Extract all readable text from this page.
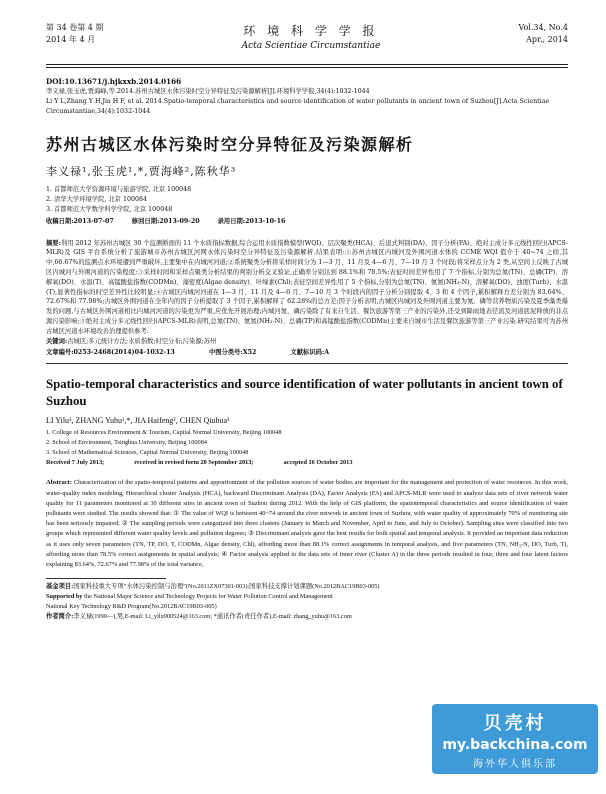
第 34 卷第 4 期
2014 年 4 月
环 境 科 学 学 报
Acta Scientiae Circumstantiae
Vol.34, No.4
Apr., 2014
DOI:10.13671/j.hjkxxb.2014.0166
李义禄,张玉虎,贾海峰,等.2014.苏州古城区水体污染时空分异特征及污染源解析[J].环境科学学报,34(4):1032-1044
Li Y L,Zhang Y H,Jia H F, et al. 2014.Spatio-temporal characteristics and source identification of water pollutants in ancient town of Suzhou[J].Acta Scientiae Circumstantiae,34(4):1032-1044
苏州古城区水体污染时空分异特征及污染源解析
李义禄¹,张玉虎¹,*,贾海峰²,陈秋华³
1. 首都师范大学资源环境与旅游学院, 北京 100048
2. 清华大学环境学院, 北京 100084
3. 首都师范大学数学科学学院, 北京 100048
收稿日期:2013-07-07	修回日期:2013-09-20	录用日期:2013-10-16
摘要:利用 2012 年苏州古城区 30 个监测断面的 11 个水质指标数据,综合运用水质指数模型(WQI)、层次聚类(HCA)、后退式判别(DA)、因子分析(FA)、绝对主成分多元线性回归(APCS-MLR)及 GIS 平台系统分析了旅游城市苏州古城区河网水体污染时空分异特征及污染源解析.结果表明:①苏州古城区内城河及外围河道水体的 CCME WQI 值介于 40~74 之间,其中,66.67%的监测点水环境遭到严重破坏,主要集中在内城河河道;②系统聚类分析将采样时间分为 1—3 月、11 月及 4—6 月、7—10 月 3 个时段;将采样点分为 2 类,从空间上反映了古城区内城河与外围河道的污染程度;③采样时间和采样点聚类分析结果的判别分析交叉验证,正确率分别达到 88.1%和 78.5%;表征时间差异性用了 7 个指标,分别为总氮(TN)、总磷(TP)、溶解氧(DO)、水温(T)、高锰酸盐指数(CODMn)、藻密度(Algae density)、叶绿素(Chl);表征空间差异性用了 5 个指标,分别为总氮(TN)、氨氮(NH₃-N)、溶解氧(DO)、浊度(Turb)、水温(T),显著性指标的时空差异性比较明显;④古城区内城河河道在 1—3 月、11 月及 4—6 月、7—10 月 3 个时段内的因子分析分别提取 4、3 和 4 个因子,累积解释方差分别为 83.64%、72.67%和 77.98%;古城区外围河道在全年内的因子分析提取了 3 个因子,累积解释了 62.28%的总方差;因子分析表明,古城区内城河及外围河道主要为氮、磷等营养物质污染及夏季藻类爆发的问题,与古城区外围河道相比内城河河道的污染更为严重,应优先开展治理;内城河氮、磷污染除了有来自生活、餐饮旅游等第三产业的污染外,还受到降雨地表径流及河道底泥释放的非点源污染影响;⑤绝对主成分多元线性回归(APCS-MLR)表明,总氮(TN)、氨氮(NH₃-N)、总磷(TP)和高锰酸盐指数(CODMn)主要来自城市生活及餐饮旅游等第三产业污染.研究结果可为苏州古城区河道水环境改善治理提供参考.
关键词:古城区;多元统计方法;水质指数;时空分布;污染源;苏州
文章编号:0253-2468(2014)04-1032-13	中图分类号:X52	文献标识码:A
Spatio-temporal characteristics and source identification of water pollutants in ancient town of Suzhou
LI Yilu¹, ZHANG Yuhu¹,*, JIA Haifeng², CHEN Qiuhua³
1. College of Resources Environment & Tourism, Capital Normal University, Beijing 100048
2. School of Environment, Tsinghua University, Beijing 100084
3. School of Mathematical Sciences, Capital Normal University, Beijing 100048
Received 7 July 2013;	received in revised form 20 September 2013;	accepted 16 October 2013
Abstract: Characterization of the spatio-temporal patterns and apportionment of the pollution sources of water bodies are important for the management and protection of water resources. In this work, water-quality index modeling, Hierarchical cluster Analysis (HCA), backward Discriminant Analysis (DA), Factor Analysis (FA) and APCS-MLR were used to analyze data sets of river network water quality for 11 parameters monitored at 30 different sites in ancient town of Suzhou during 2012. With the help of GIS platform, the spatiotemporal characteristics and source identification of water pollutants were studied. The results showed that: ① The value of WQI is between 40~74 around the river network in ancient town of Suzhou, with water quality of approximately 70% of monitoring site has been seriously impaired; ② The sampling periods were categorized into three clusters (January to March and November, April to June, and July to October). Sampling sites were classified into two groups which represented different water quality levels and pollution degrees; ③ Discriminant analysis gave the best results for both spatial and temporal analysis. It provided an important data reduction as it uses only seven parameters (TN, TP, DO, T, CODMn, Algae density, Chl), affording more than 88.1% correct assignments in temporal analysis, and five parameters (TN, NH₃-N, DO, Turb, T), affording more than 78.5% correct assignments in spatial analysis; ④ Factor analysis applied to the data sets of inner river (Cluster A) in the three periods resulted in four, three and four latent factors explaining 83.64%, 72.67% and 77.98% of the total variance,
基金项目:国家科技重大专项“水体污染控制与治理”(No.2011ZX07301-003);国家科技支撑计划课题(No.2012BAC19B03-005)
Supported by the National Major Science and Technology Projects for Water Pollution Control and Management
National Key Technology R&D Program(No.2012BAC19B03-005)
作者简介:李义禄(1990—),男,E-mail: Li_yilu900524@163.com; *通讯作者(责任作者),E-mail: zhang_yuhu@163.com
贝壳村
my.backchina.com
海外华人俱乐部
